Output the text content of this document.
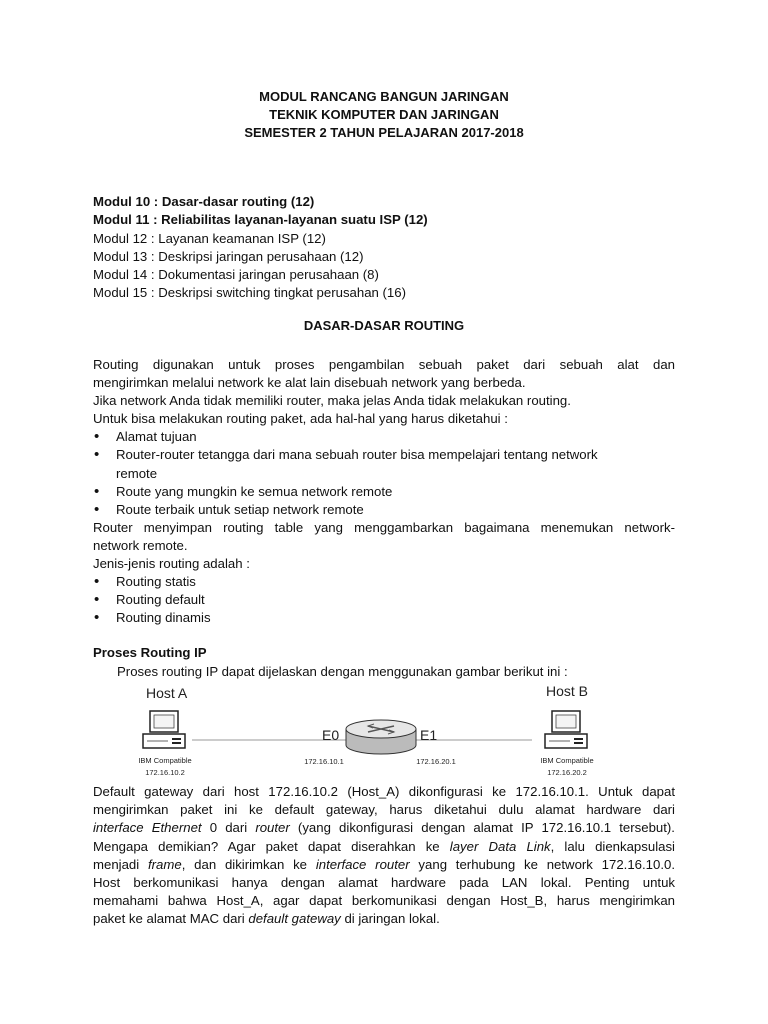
MODUL RANCANG BANGUN JARINGAN
TEKNIK KOMPUTER DAN JARINGAN
SEMESTER 2 TAHUN PELAJARAN 2017-2018
Modul 10 : Dasar-dasar routing (12)
Modul 11 : Reliabilitas layanan-layanan suatu ISP (12)
Modul 12 : Layanan keamanan ISP (12)
Modul 13 : Deskripsi jaringan perusahaan (12)
Modul 14 : Dokumentasi jaringan perusahaan (8)
Modul 15 : Deskripsi switching tingkat perusahan (16)
DASAR-DASAR ROUTING
Routing digunakan untuk proses pengambilan sebuah paket dari sebuah alat dan
mengirimkan melalui network ke alat lain disebuah network yang berbeda.
Jika network Anda tidak memiliki router, maka jelas Anda tidak melakukan routing.
Untuk bisa melakukan routing paket, ada hal-hal yang harus diketahui :
• Alamat tujuan
• Router-router tetangga dari mana sebuah router bisa mempelajari tentang network
remote
• Route yang mungkin ke semua network remote
• Route terbaik untuk setiap network remote
Router menyimpan routing table yang menggambarkan bagaimana menemukan network-
network remote.
Jenis-jenis routing adalah :
• Routing statis
• Routing default
• Routing dinamis
Proses Routing IP
Proses routing IP dapat dijelaskan dengan menggunakan gambar berikut ini :
Host A	Host B
E0	E1
IBM Compatible
172.16.10.2
IBM Compatible
172.16.20.2
172.16.10.1	172.16.20.1

Default gateway dari host 172.16.10.2 (Host_A) dikonfigurasi ke 172.16.10.1. Untuk dapat

mengirimkan paket ini ke default gateway, harus diketahui dulu alamat hardware dari

interface Ethernet 0 dari router (yang dikonfigurasi dengan alamat IP 172.16.10.1 tersebut).

Mengapa demikian? Agar paket dapat diserahkan ke layer Data Link, lalu dienkapsulasi

menjadi frame, dan dikirimkan ke interface router yang terhubung ke network 172.16.10.0.

Host berkomunikasi hanya dengan alamat hardware pada LAN lokal. Penting untuk

memahami bahwa Host_A, agar dapat berkomunikasi dengan Host_B, harus mengirimkan

paket ke alamat MAC dari default gateway di jaringan lokal.
